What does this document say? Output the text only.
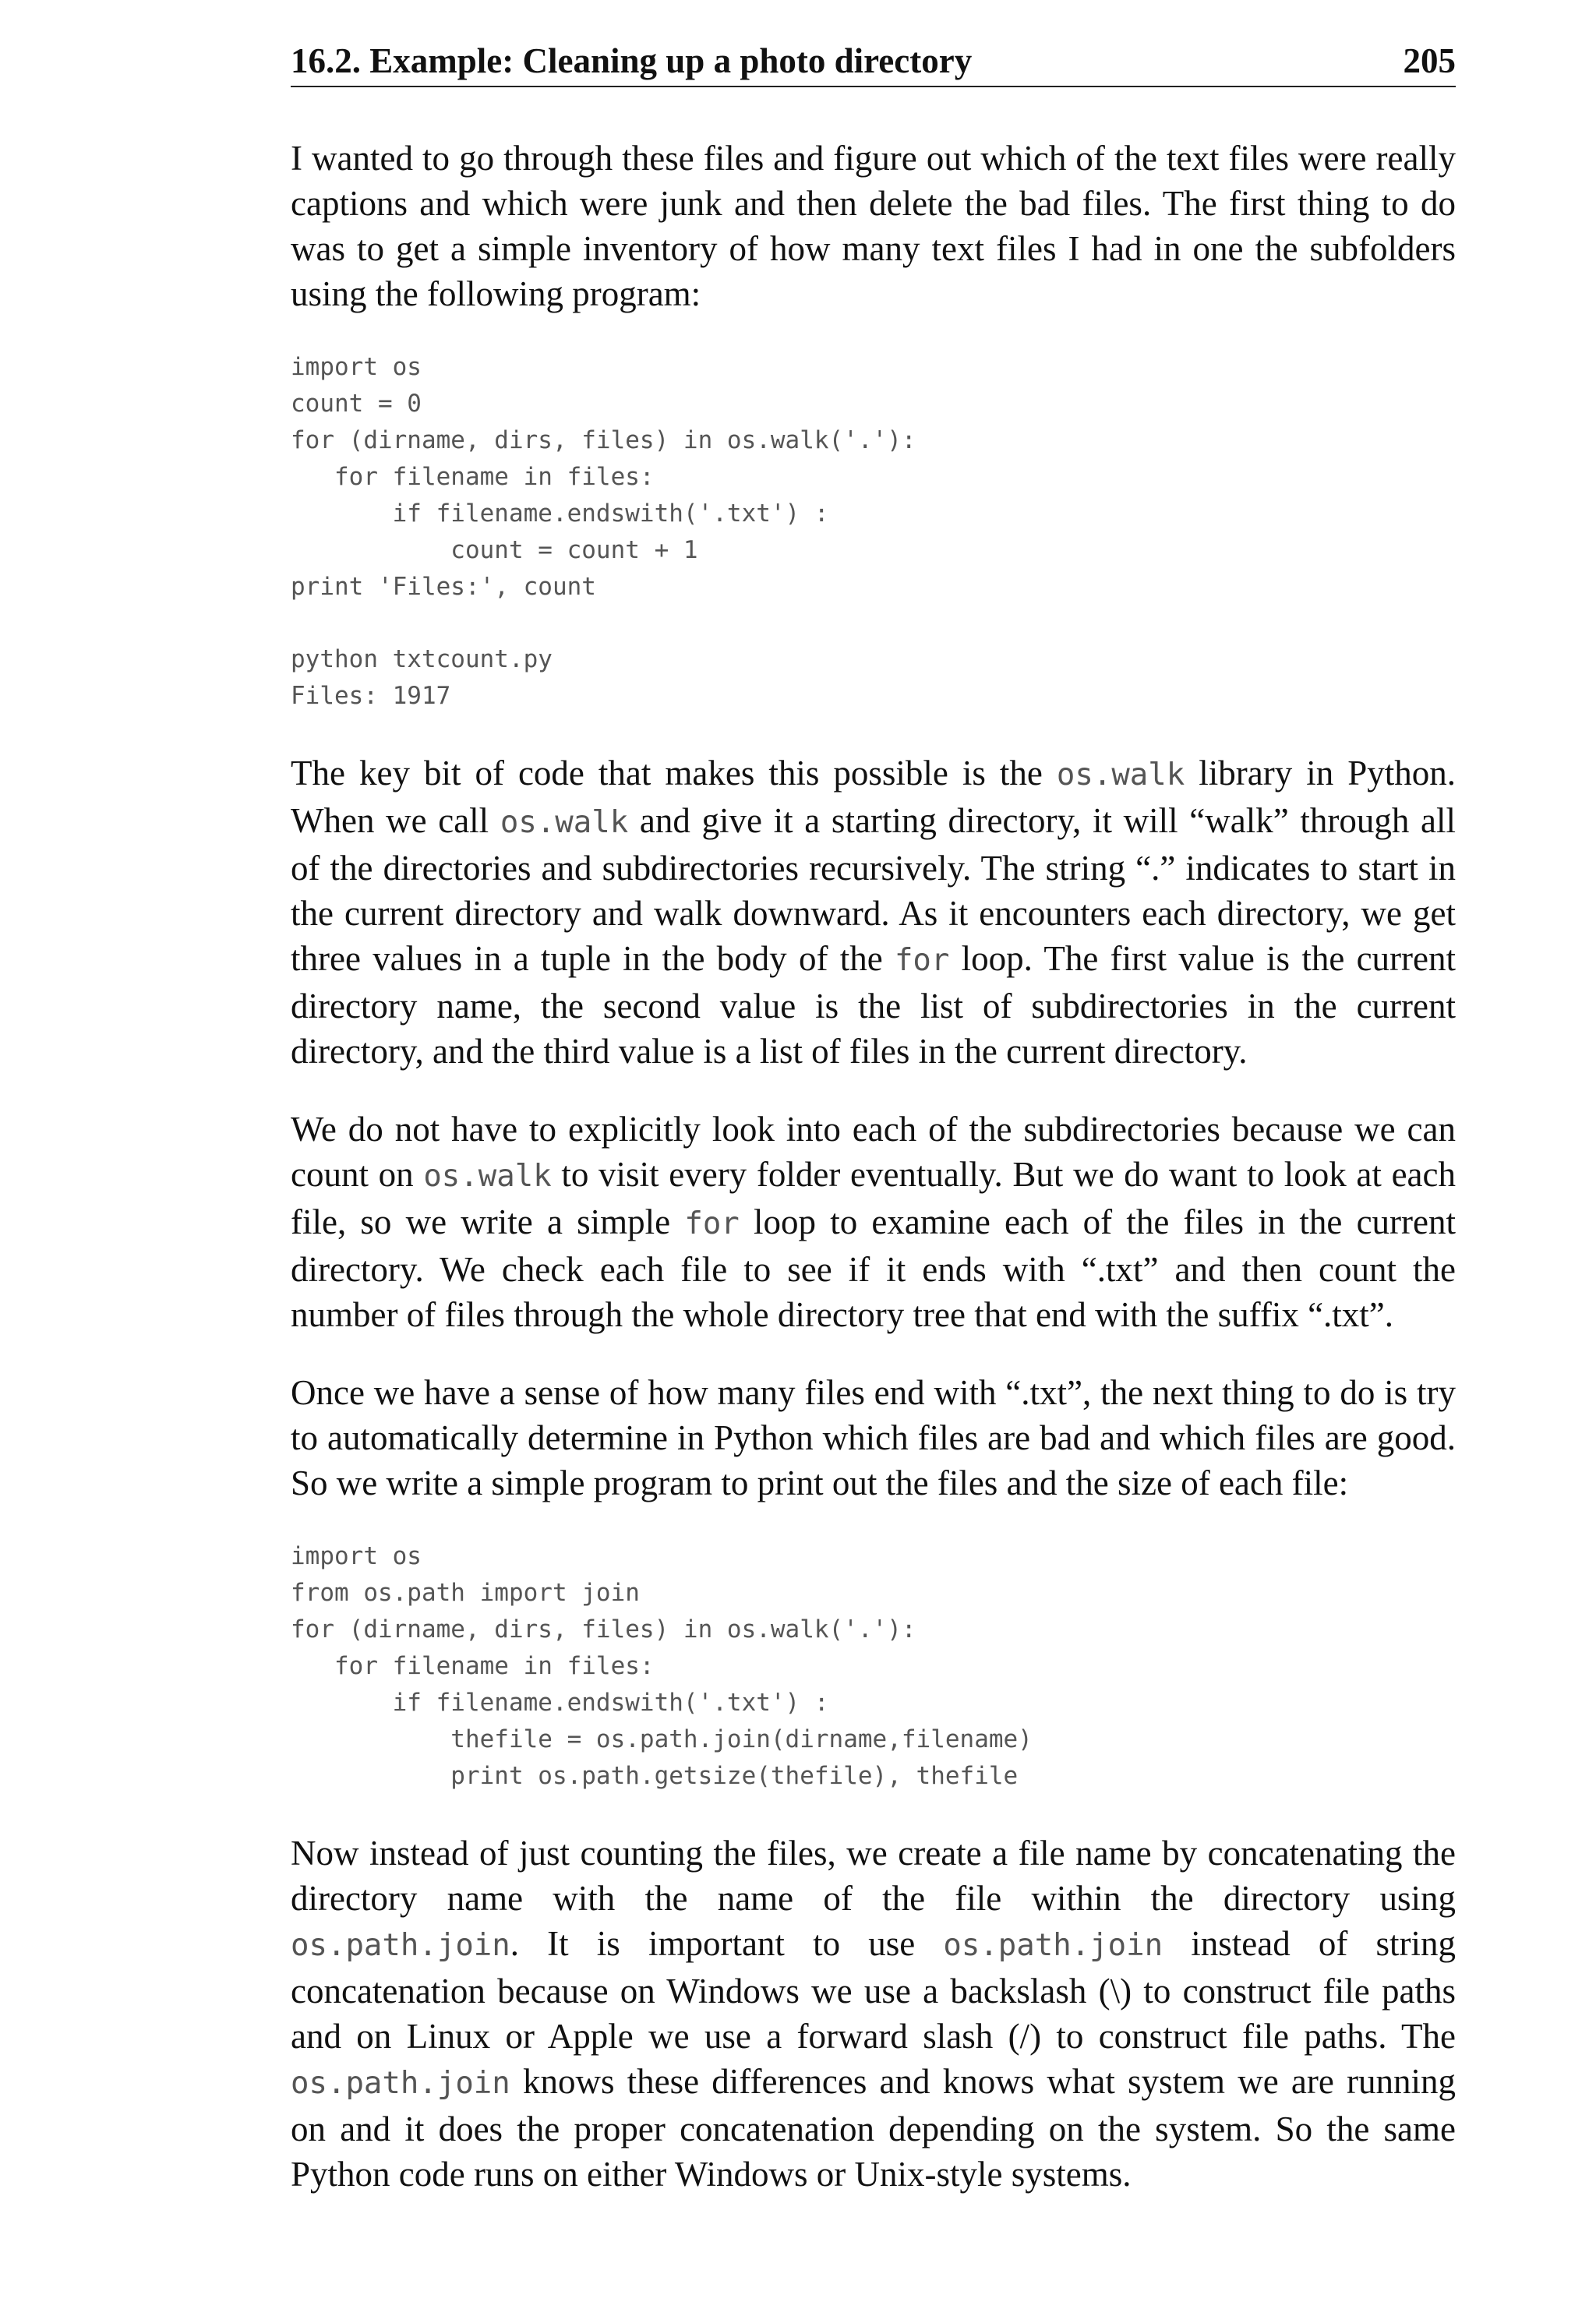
16.2. Example: Cleaning up a photo directory	205

I wanted to go through these files and figure out which of the text files were really captions and which were junk and then delete the bad files. The first thing to do was to get a simple inventory of how many text files I had in one the subfolders using the following program:

import os
count = 0
for (dirname, dirs, files) in os.walk('.'):
for filename in files:
if filename.endswith('.txt') :
count = count + 1
print 'Files:', count
python txtcount.py
Files: 1917

The key bit of code that makes this possible is the os.walk library in Python. When we call os.walk and give it a starting directory, it will “walk” through all of the directories and subdirectories recursively. The string “.” indicates to start in the current directory and walk downward. As it encounters each directory, we get three values in a tuple in the body of the for loop. The first value is the current directory name, the second value is the list of subdirectories in the current directory, and the third value is a list of files in the current directory.

We do not have to explicitly look into each of the subdirectories because we can count on os.walk to visit every folder eventually. But we do want to look at each file, so we write a simple for loop to examine each of the files in the current directory. We check each file to see if it ends with “.txt” and then count the number of files through the whole directory tree that end with the suffix “.txt”.

Once we have a sense of how many files end with “.txt”, the next thing to do is try to automatically determine in Python which files are bad and which files are good. So we write a simple program to print out the files and the size of each file:

import os
from os.path import join
for (dirname, dirs, files) in os.walk('.'):
for filename in files:
if filename.endswith('.txt') :
thefile = os.path.join(dirname,filename)
print os.path.getsize(thefile), thefile

Now instead of just counting the files, we create a file name by concatenating the directory name with the name of the file within the directory using os.path.join. It is important to use os.path.join instead of string concatenation because on Windows we use a backslash (\) to construct file paths and on Linux or Apple we use a forward slash (/) to construct file paths. The os.path.join knows these differences and knows what system we are running on and it does the proper concatenation depending on the system. So the same Python code runs on either Windows or Unix-style systems.
